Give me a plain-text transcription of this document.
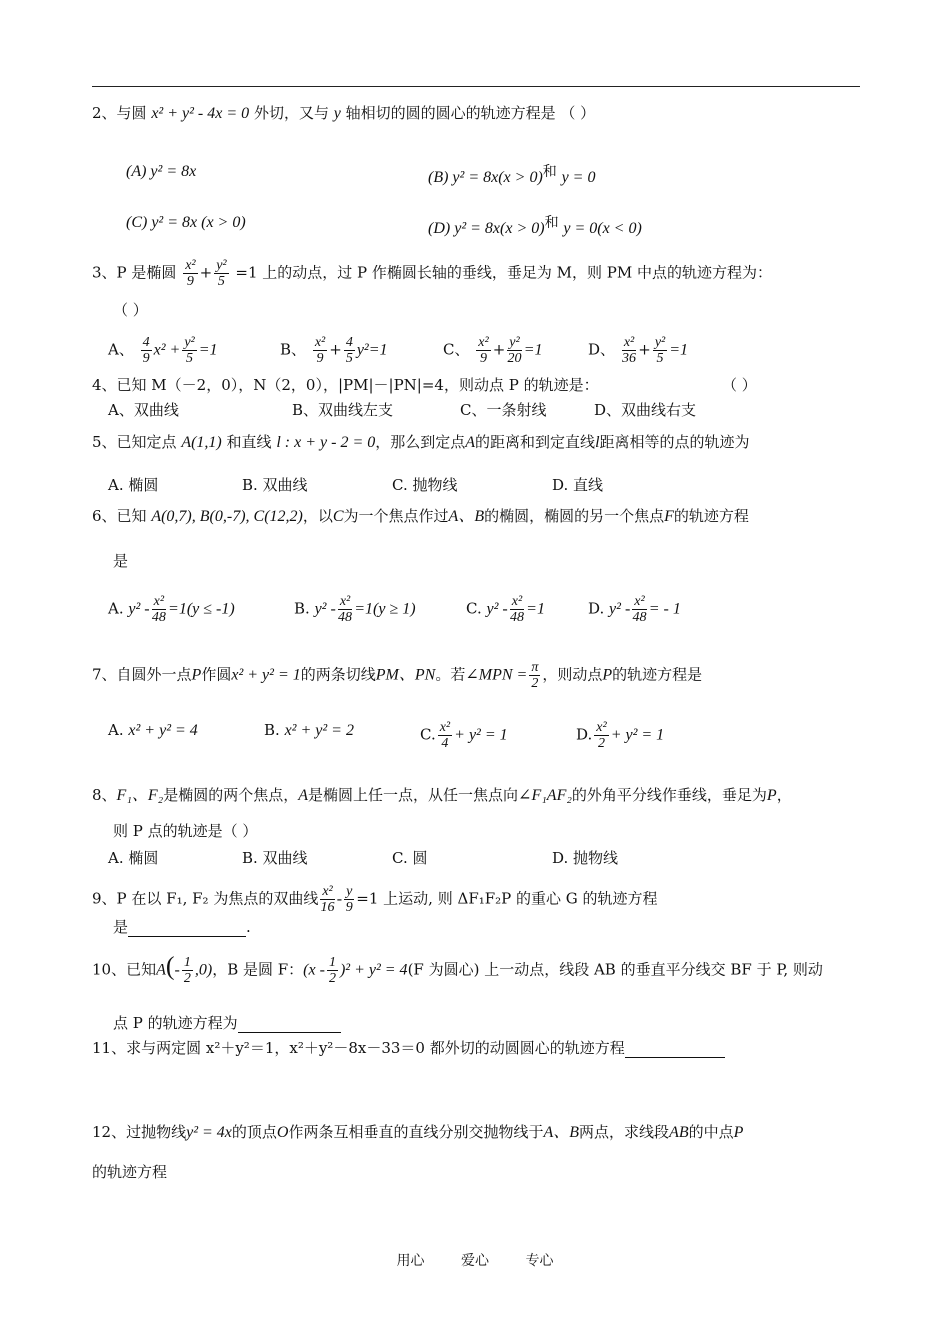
2、与圆 x² + y² - 4x = 0 外切，又与 y 轴相切的圆的圆心的轨迹方程是 （ ）
(A) y² = 8x	(B) y² = 8x(x > 0)$^和$ y = 0
(C) y² = 8x (x > 0)	(D) y² = 8x(x > 0)$^和$ y = 0(x < 0)
3、P 是椭圆 $\frac{\text{x²}}{9} + \frac{\text{y²}}{5} =1$ 上的动点，过 P 作椭圆长轴的垂线，垂足为 M，则 PM 中点的轨迹方程为：
（ ）
A、 $\frac{4}{9} x^2 + \frac{\text{y²}}{5} =1$	B、 $\frac{\text{x²}}{9} + \frac{4}{5} y^2=1$	C、 $\frac{\text{x²}}{9} + \frac{\text{y²}}{20} =1$	D、 $\frac{\text{x²}}{36} + \frac{\text{y²}}{5} =1$
4、已知 M（－2，0），N（2，0），|PM|－|PN|=4，则动点 P 的轨迹是：	（ ）
A、双曲线	B、双曲线左支	C、一条射线	D、双曲线右支
5、已知定点 A(1,1) 和直线 l : x + y - 2 = 0，那么到定点A的距离和到定直线l距离相等的点的轨迹为
A. 椭圆	B. 双曲线	C. 抛物线	D. 直线
6、已知 A(0,7), B(0,-7), C(12,2)，以C为一个焦点作过A、B的椭圆，椭圆的另一个焦点F的轨迹方程
是
A. $y^2 - \frac{\text{x²}}{48} =1(y \le -1)$	B. $y^2 - \frac{\text{x²}}{48} =1(y \ge 1)$	C. $y^2 - \frac{\text{x²}}{48} =1$	D. $y^2 - \frac{\text{x²}}{48}$ = - 1
7、自圆外一点P作圆x² + y² = 1的两条切线PM、PN。若∠MPN = $\frac{\pi}{2}$ ，则动点P的轨迹方程是
A. x² + y² = 4	B. x² + y² = 2	C. $\frac{\text{x²}}{4} + y^2 = 1$	D. $\frac{\text{x²}}{2} + y^2 = 1$
8、F₁、F₂是椭圆的两个焦点，A是椭圆上任一点，从任一焦点向∠F₁AF₂的外角平分线作垂线，垂足为P，
则 P 点的轨迹是（ ）
A. 椭圆	B. 双曲线	C. 圆	D. 抛物线
9、P 在以 F₁, F₂ 为焦点的双曲线 $\frac{\text{x²}}{16} - \frac{y}{9} =1$ 上运动, 则 ΔF₁F₂P 的重心 G 的轨迹方程
是	.
10、已知$A(- \frac{1}{2} ,0)$，B 是圆 F：$(x - \frac{1}{2} )^2 + y^2 = 4(F$ 为圆心) 上一动点，线段 AB 的垂直平分线交 BF 于 P, 则动
点 P 的轨迹方程为
11、求与两定圆 x²＋y²＝1，x²＋y²－8x－33＝0 都外切的动圆圆心的轨迹方程
12、过抛物线y² = 4x的顶点O作两条互相垂直的直线分别交抛物线于A、B两点，求线段AB的中点P
的轨迹方程
用心	爱心	专心
